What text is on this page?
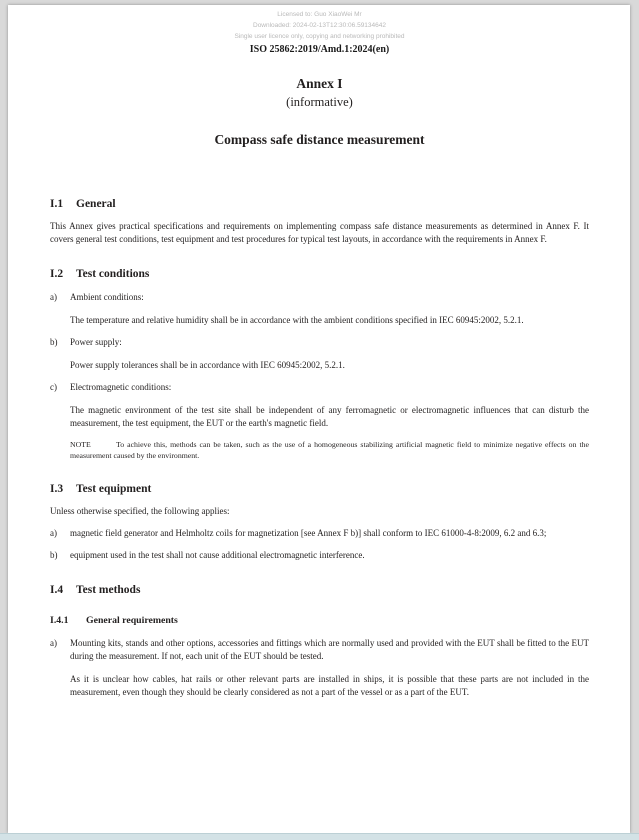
Licensed to: Guo XiaoWei Mr
Downloaded: 2024-02-13T12:30:06.59134642
Single user licence only, copying and networking prohibited
ISO 25862:2019/Amd.1:2024(en)
Annex I
(informative)
Compass safe distance measurement
I.1 General

This Annex gives practical specifications and requirements on implementing compass safe distance measurements as determined in Annex F. It covers general test conditions, test equipment and test procedures for typical test layouts, in accordance with the requirements in Annex F.

I.2 Test conditions
a)	Ambient conditions:

The temperature and relative humidity shall be in accordance with the ambient conditions specified in IEC 60945:2002, 5.2.1.

b)	Power supply:

Power supply tolerances shall be in accordance with IEC 60945:2002, 5.2.1.

c)	Electromagnetic conditions:

The magnetic environment of the test site shall be independent of any ferromagnetic or electromagnetic influences that can disturb the measurement, the test equipment, the EUT or the earth's magnetic field.

NOTE	To achieve this, methods can be taken, such as the use of a homogeneous stabilizing artificial magnetic field to minimize negative effects on the measurement caused by the environment.

I.3 Test equipment

Unless otherwise specified, the following applies:

a)	magnetic field generator and Helmholtz coils for magnetization [see Annex F b)] shall conform to IEC 61000-4-8:2009, 6.2 and 6.3;

b)	equipment used in the test shall not cause additional electromagnetic interference.

I.4 Test methods
I.4.1 General requirements
a)	Mounting kits, stands and other options, accessories and fittings which are normally used and provided with the EUT shall be fitted to the EUT during the measurement. If not, each unit of the EUT should be tested.

As it is unclear how cables, hat rails or other relevant parts are installed in ships, it is possible that these parts are not included in the measurement, even though they should be clearly considered as not a part of the vessel or as a part of the EUT.
